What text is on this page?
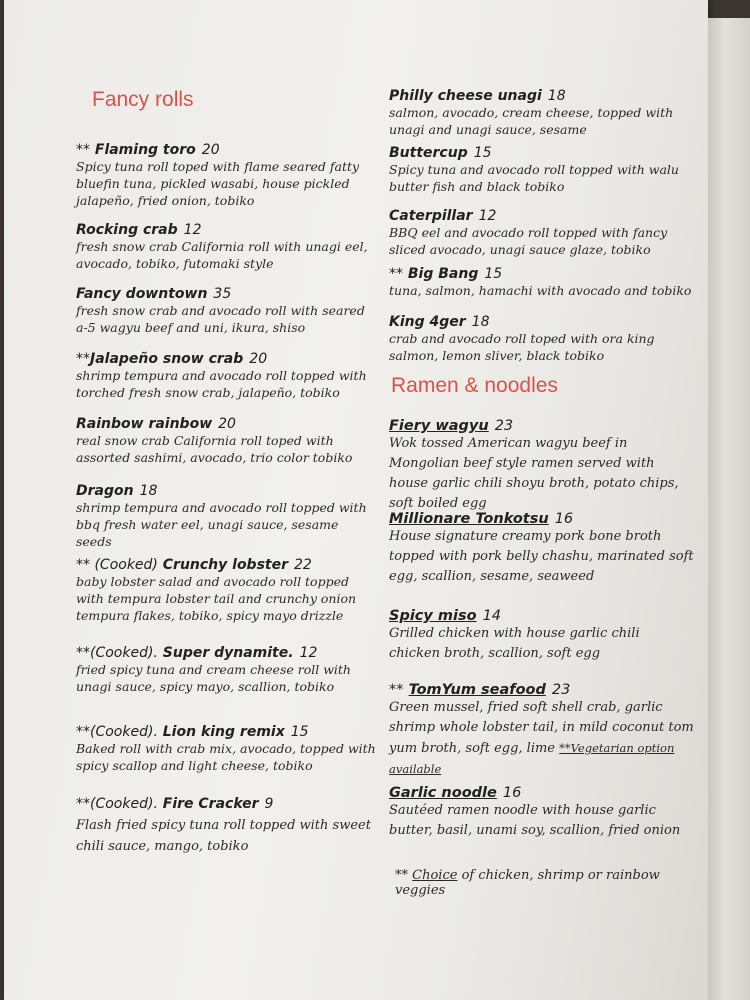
Fancy rolls
** Flaming toro 20
Spicy tuna roll toped with flame seared fatty bluefin tuna, pickled wasabi, house pickled jalapeño, fried onion, tobiko
Rocking crab 12
fresh snow crab California roll with unagi eel, avocado, tobiko, futomaki style
Fancy downtown 35
fresh snow crab and avocado roll with seared a-5 wagyu beef and uni, ikura, shiso
**Jalapeño snow crab 20
shrimp tempura and avocado roll topped with torched fresh snow crab, jalapeño, tobiko
Rainbow rainbow 20
real snow crab California roll toped with assorted sashimi, avocado, trio color tobiko
Dragon 18
shrimp tempura and avocado roll topped with bbq fresh water eel, unagi sauce, sesame seeds
** (Cooked) Crunchy lobster 22
baby lobster salad and avocado roll topped with tempura lobster tail and crunchy onion tempura flakes, tobiko, spicy mayo drizzle
**(Cooked). Super dynamite. 12
fried spicy tuna and cream cheese roll with unagi sauce, spicy mayo, scallion, tobiko
**(Cooked). Lion king remix 15
Baked roll with crab mix, avocado, topped with spicy scallop and light cheese, tobiko
**(Cooked). Fire Cracker 9
Flash fried spicy tuna roll topped with sweet chili sauce, mango, tobiko
Philly cheese unagi 18
salmon, avocado, cream cheese, topped with unagi and unagi sauce, sesame
Buttercup 15
Spicy tuna and avocado roll topped with walu butter fish and black tobiko
Caterpillar 12
BBQ eel and avocado roll topped with fancy sliced avocado, unagi sauce glaze, tobiko
** Big Bang 15
tuna, salmon, hamachi with avocado and tobiko
King 4ger 18
crab and avocado roll toped with ora king salmon, lemon sliver, black tobiko
Ramen & noodles
Fiery wagyu 23
Wok tossed American wagyu beef in Mongolian beef style ramen served with house garlic chili shoyu broth, potato chips, soft boiled egg
Millionare Tonkotsu 16
House signature creamy pork bone broth topped with pork belly chashu, marinated soft egg, scallion, sesame, seaweed
Spicy miso 14
Grilled chicken with house garlic chili chicken broth, scallion, soft egg
** TomYum seafood 23
Green mussel, fried soft shell crab, garlic shrimp whole lobster tail, in mild coconut tom yum broth, soft egg, lime **Vegetarian option available
Garlic noodle 16
Sautéed ramen noodle with house garlic butter, basil, unami soy, scallion, fried onion
** Choice of chicken, shrimp or rainbow veggies
